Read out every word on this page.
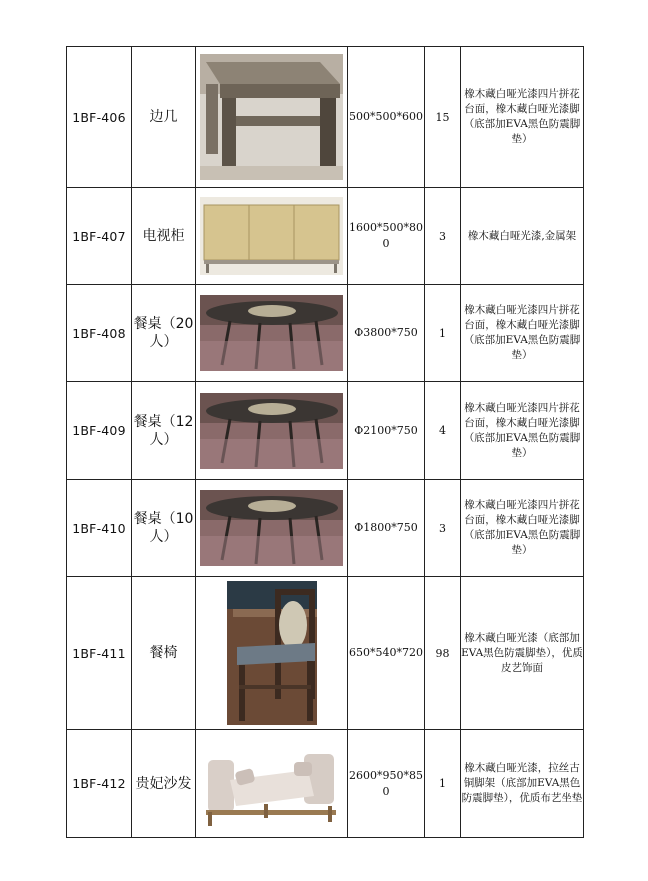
1BF-406	边几		500*500*600	15	橡木藏白哑光漆四片拼花台面，橡木藏白哑光漆脚（底部加EVA黑色防震脚垫）
1BF-407	电视柜		1600*500*800	3	橡木藏白哑光漆,金属架
1BF-408	餐桌（20人）		Φ3800*750	1	橡木藏白哑光漆四片拼花台面，橡木藏白哑光漆脚（底部加EVA黑色防震脚垫）
1BF-409	餐桌（12人）		Φ2100*750	4	橡木藏白哑光漆四片拼花台面，橡木藏白哑光漆脚（底部加EVA黑色防震脚垫）
1BF-410	餐桌（10人）		Φ1800*750	3	橡木藏白哑光漆四片拼花台面，橡木藏白哑光漆脚（底部加EVA黑色防震脚垫）
1BF-411	餐椅		650*540*720	98	橡木藏白哑光漆（底部加EVA黑色防震脚垫），优质皮艺饰面
1BF-412	贵妃沙发		2600*950*850	1	橡木藏白哑光漆，拉丝古铜脚架（底部加EVA黑色防震脚垫），优质布艺坐垫
